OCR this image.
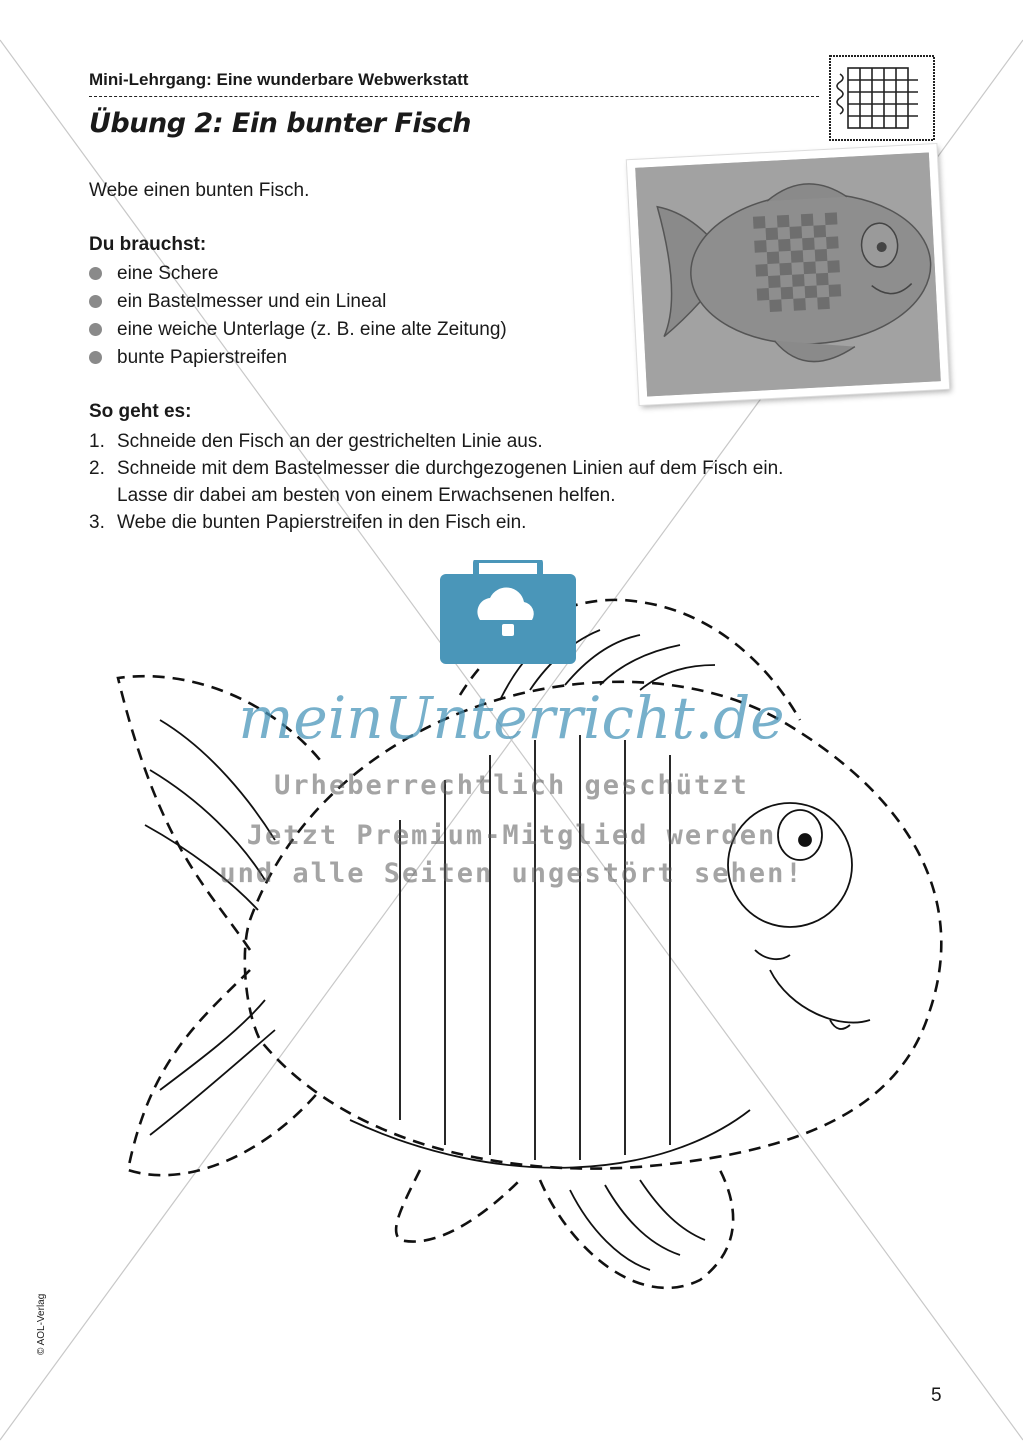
Mini-Lehrgang: Eine wunderbare Webwerkstatt
Übung 2: Ein bunter Fisch
Webe einen bunten Fisch.
Du brauchst:
eine Schere
ein Bastelmesser und ein Lineal
eine weiche Unterlage (z. B. eine alte Zeitung)
bunte Papierstreifen
So geht es:
1. Schneide den Fisch an der gestrichelten Linie aus.
2. Schneide mit dem Bastelmesser die durchgezogenen Linien auf dem Fisch ein.
Lasse dir dabei am besten von einem Erwachsenen helfen.
3. Webe die bunten Papierstreifen in den Fisch ein.
meinUnterricht.de
Urheberrechtlich geschützt
Jetzt Premium-Mitglied werden
und alle Seiten ungestört sehen!
© AOL-Verlag
5
